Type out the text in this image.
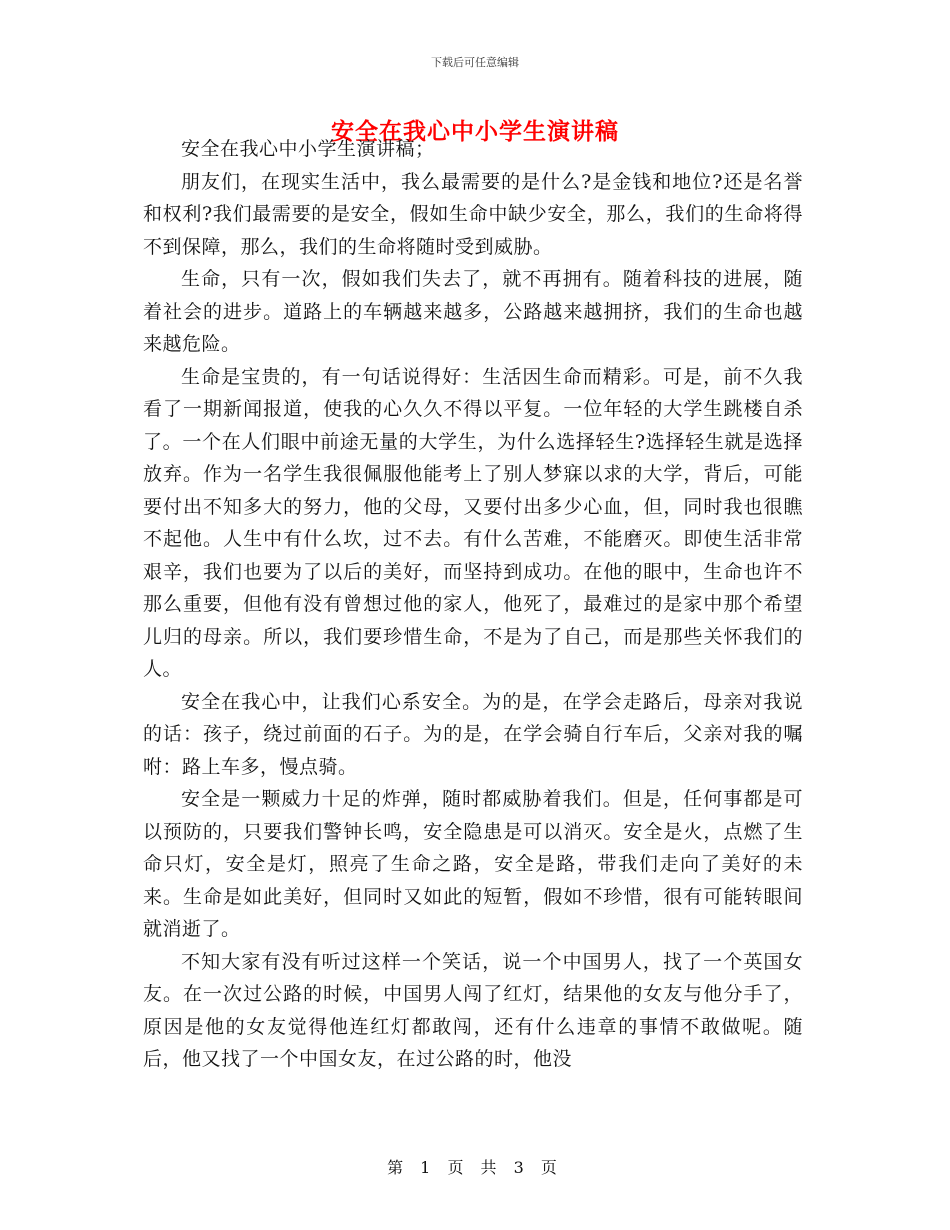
下载后可任意编辑
安全在我心中小学生演讲稿

安全在我心中小学生演讲稿；

朋友们，在现实生活中，我么最需要的是什么?是金钱和地位?还是名誉和权利?我们最需要的是安全，假如生命中缺少安全，那么，我们的生命将得不到保障，那么，我们的生命将随时受到威胁。

生命，只有一次，假如我们失去了，就不再拥有。随着科技的进展，随着社会的进步。道路上的车辆越来越多，公路越来越拥挤，我们的生命也越来越危险。

生命是宝贵的，有一句话说得好：生活因生命而精彩。可是，前不久我看了一期新闻报道，使我的心久久不得以平复。一位年轻的大学生跳楼自杀了。一个在人们眼中前途无量的大学生，为什么选择轻生?选择轻生就是选择放弃。作为一名学生我很佩服他能考上了别人梦寐以求的大学，背后，可能要付出不知多大的努力，他的父母，又要付出多少心血，但，同时我也很瞧不起他。人生中有什么坎，过不去。有什么苦难，不能磨灭。即使生活非常艰辛，我们也要为了以后的美好，而坚持到成功。在他的眼中，生命也许不那么重要，但他有没有曾想过他的家人，他死了，最难过的是家中那个希望儿归的母亲。所以，我们要珍惜生命，不是为了自己，而是那些关怀我们的人。

安全在我心中，让我们心系安全。为的是，在学会走路后，母亲对我说的话：孩子，绕过前面的石子。为的是，在学会骑自行车后，父亲对我的嘱咐：路上车多，慢点骑。

安全是一颗威力十足的炸弹，随时都威胁着我们。但是，任何事都是可以预防的，只要我们警钟长鸣，安全隐患是可以消灭。安全是火，点燃了生命只灯，安全是灯，照亮了生命之路，安全是路，带我们走向了美好的未来。生命是如此美好，但同时又如此的短暂，假如不珍惜，很有可能转眼间就消逝了。

不知大家有没有听过这样一个笑话，说一个中国男人，找了一个英国女友。在一次过公路的时候，中国男人闯了红灯，结果他的女友与他分手了，原因是他的女友觉得他连红灯都敢闯，还有什么违章的事情不敢做呢。随后，他又找了一个中国女友，在过公路的时，他没

第 1 页 共 3 页
